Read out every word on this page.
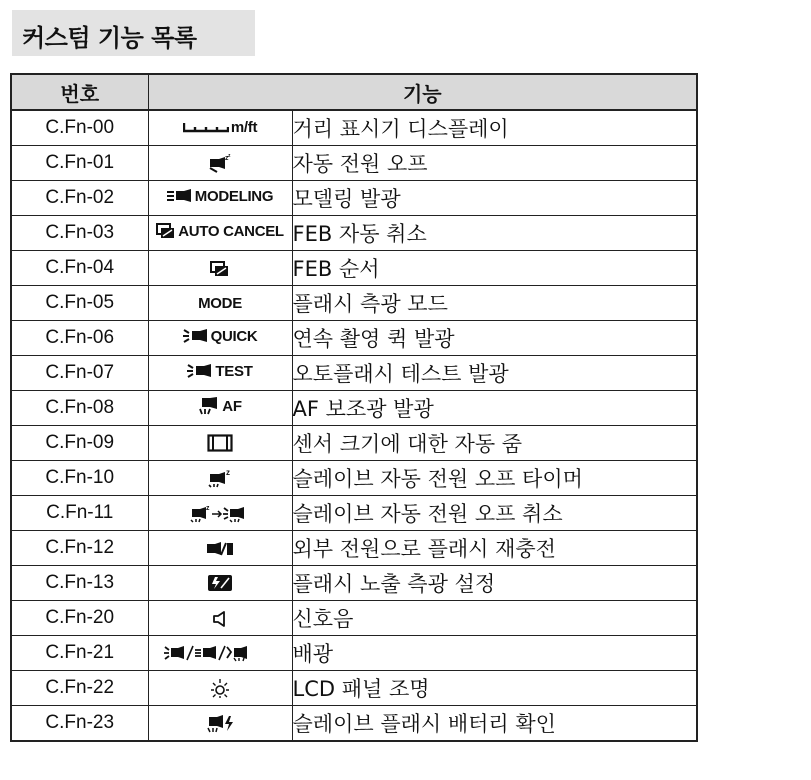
커스텀 기능 목록
번호	기능	
C.Fn-00	m/ft	거리 표시기 디스플레이
C.Fn-01	z z	자동 전원 오프
C.Fn-02	MODELING	모델링 발광
C.Fn-03	AUTO CANCEL	FEB 자동 취소
C.Fn-04		FEB 순서
C.Fn-05	MODE	플래시 측광 모드
C.Fn-06	QUICK	연속 촬영 퀵 발광
C.Fn-07	TEST	오토플래시 테스트 발광
C.Fn-08	AF	AF 보조광 발광
C.Fn-09		센서 크기에 대한 자동 줌
C.Fn-10	z	슬레이브 자동 전원 오프 타이머
C.Fn-11	z	슬레이브 자동 전원 오프 취소
C.Fn-12		외부 전원으로 플래시 재충전
C.Fn-13		플래시 노출 측광 설정
C.Fn-20		신호음
C.Fn-21		배광
C.Fn-22		LCD 패널 조명
C.Fn-23		슬레이브 플래시 배터리 확인
